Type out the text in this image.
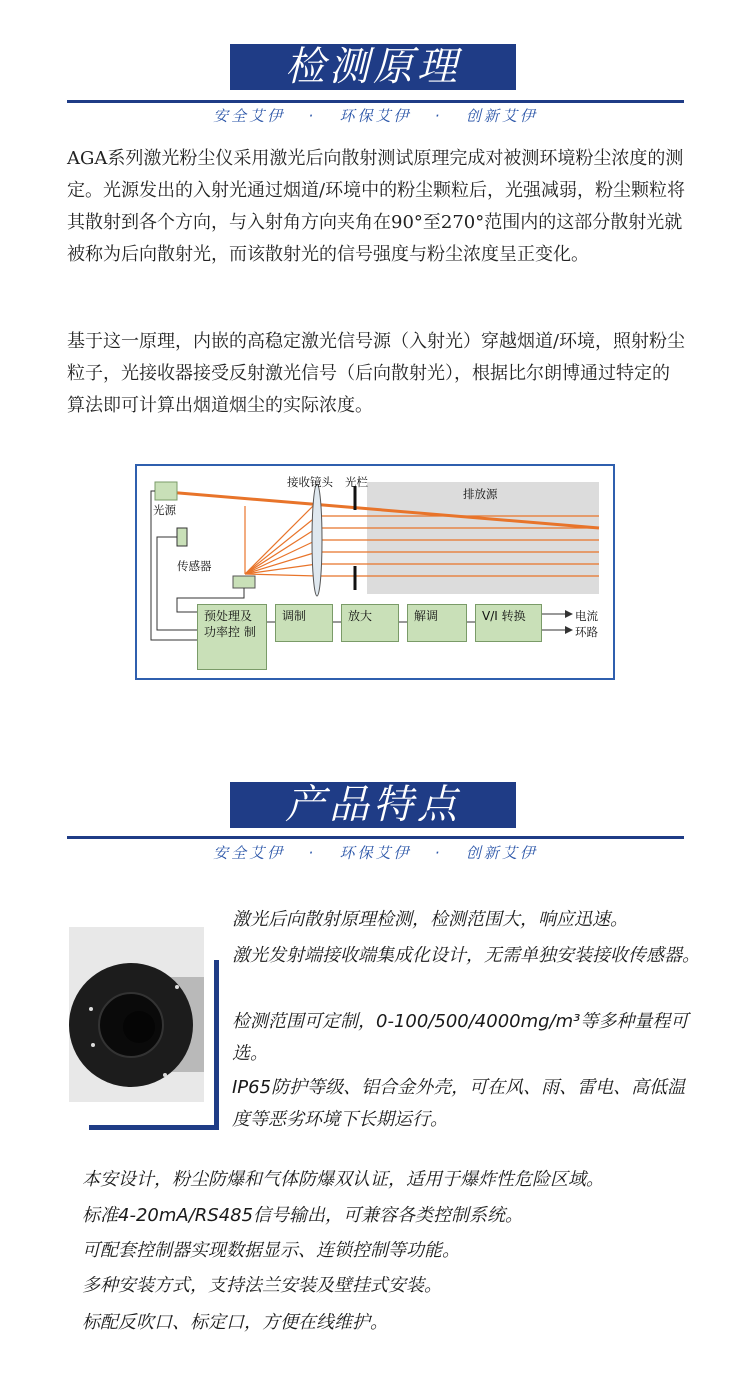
检测原理
安全艾伊   ·   环保艾伊   ·   创新艾伊
AGA系列激光粉尘仪采用激光后向散射测试原理完成对被测环境粉尘浓度的测定。光源发出的入射光通过烟道/环境中的粉尘颗粒后，光强减弱，粉尘颗粒将其散射到各个方向，与入射角方向夹角在90°至270°范围内的这部分散射光就被称为后向散射光，而该散射光的信号强度与粉尘浓度呈正变化。
基于这一原理，内嵌的高稳定激光信号源（入射光）穿越烟道/环境，照射粉尘粒子，光接收器接受反射激光信号（后向散射光），根据比尔朗博通过特定的算法即可计算出烟道烟尘的实际浓度。
接收镜头 光栏
排放源
光源
传感器
预处理及功率控 制
调制	放大	解调	V/I 转换	电流环路
产品特点
安全艾伊   ·   环保艾伊   ·   创新艾伊
激光后向散射原理检测，检测范围大，响应迅速。
激光发射端接收端集成化设计，无需单独安装接收传感器。
检测范围可定制，0-100/500/4000mg/m³等多种量程可选。
IP65防护等级、铝合金外壳，可在风、雨、雷电、高低温度等恶劣环境下长期运行。
本安设计，粉尘防爆和气体防爆双认证，适用于爆炸性危险区域。
标准4-20mA/RS485信号输出，可兼容各类控制系统。
可配套控制器实现数据显示、连锁控制等功能。
多种安装方式，支持法兰安装及壁挂式安装。
标配反吹口、标定口，方便在线维护。
